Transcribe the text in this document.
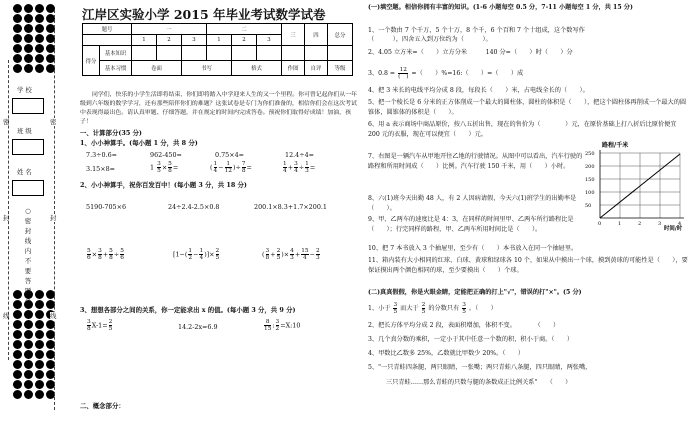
学 校
班 级
姓 名
○
密
封
线
内
不
要
答
题
○
密
封
线
密
封
线
江岸区实验小学 2015 年毕业考试数学试卷
题号		一			二			三	四	总分
		1	2	3	1	2	3			
得分	基本知识									
	基本习惯	卷面		书写		格式		作图	自评	等级
同学们，快乐的小学生活即将结束，你们即将踏入中学迎来人生的又一个里程。你可曾记起你们从一年级到六年级的数学学习，还有那些陪伴你们的难题？这张试卷是专门为你们准备的，相信你们会在这次考试中表现得最出色。请认真审题、仔细答题，并在规定的时间内完成答卷。预祝你们取得好成绩！加油，孩子！
一、计算部分(35 分)
1、小小神算手。(每小题 1 分，共 8 分)
7.3÷0.6=	962-450=	0.75×4=	12.4÷4=
3.15×8=	$1 \frac{3}{5} \times \frac{5}{8}$ =	( $\frac{1}{4} - \frac{1}{12}$ )÷ $\frac{7}{8}$ =	$\frac{1}{4} + \frac{3}{4} \div \frac{1}{3}$ =
2、小小神算手，祝你百发百中！(每小题 3 分，共 18 分)
5190-705×6	24÷2.4-2.5×0.8	200.1×8.3+1.7×200.1
$\frac{5}{6} \times \frac{3}{8} + \frac{5}{8} \div \frac{5}{6}$	[$1-( \frac{1}{2} - \frac{1}{4}$ )]× $\frac{2}{5}$	( $\frac{3}{8} + \frac{2}{5}$ )× $\frac{4}{3} + \frac{15}{4} - \frac{2}{3}$
3、想想各部分之间的关系，你一定能求出 x 的值。(每小题 3 分，共 9 分)
$\frac{3}{8} X-1= \frac{2}{5}$	14.2-2x=6.9	$\frac{8}{15}$ : $\frac{3}{2}$ =X:10
二、概念部分：
(一)填空题。相信你拥有丰富的知识。(1-6 小题每空 0.5 分，7-11 小题每空 1 分，共 15 分)
1、一个数由 7 个千万，5 个十万，8 个千，6 个百和 7 个十组成，这个数写作
（　　　），四舍五入到万位约为（　　　）。
2、4.05 立方米=（　　）立方分米　　　140 分=（　　）时（　　）分
3、$0.8 = \frac{12}{( )}$ =（　　）%=16:（　　）=（　　）成
4、把 3 米长的电线平均分成 8 段，每段长（　　）米，占电线全长的（　　）。
5、把一个棱长是 6 分米的正方体削成一个最大的圆柱体，圆柱的体积是（　　），把这个圆柱体再削成一个最大的圆锥体，圆锥体的体积是（　　）。
6、用 a 表示商场中商品原价，按八五折出售，现在的售价为（　　　　）元，在原价基础上打八折后比原价便宜 200 元的衣服，现在可以便宜（　　）元。
7、右图是一辆汽车从甲地开往乙地的行驶情况。从图中可以看出，汽车行驶的路程和所用时间成（　　）比例。汽车行驶 150 千米，用（　　）小时。
8、六(1)班今天出勤 48 人，有 2 人因病请假，今天六(1)班学生的出勤率是（　　）。
9、甲、乙两车的速度比是 4：3，在同样的时间里甲、乙两车所行路程比是（　　）；行完同样的路程，甲、乙两车所用时间比是（　　）。
10、把 7 本书放入 3 个抽屉里，至少有（　　）本书放入在同一个抽屉里。
11、箱内装有大小相同的红球、白球、黄球和绿球各 10 个，如果从中摸出一个球，摸到黄球的可能性是（　　），要保证摸出两个颜色相同的球，至少要摸出（　　）个球。
(二)真真假假，你是火眼金睛，定能把正确的打上"√"，错误的打"×"。(5 分)
1、小于 $\frac{3}{5}$ 而大于 $\frac{2}{5}$ 的分数只有 $\frac{3}{5}$ 。（　　）
2、把长方体平均分成 2 段，表面积增加，体积不变。　　　　（　　）
3、几个真分数的乘积，一定小于其中任意一个数的积，积小于商。（　　）
4、甲数比乙数多 25%，乙数就比甲数少 20%。（　　）
5、"一只青蛙四条腿，两只眼睛，一张嘴；两只青蛙八条腿，四只眼睛，两张嘴，
三只青蛙……那么青蛙的只数与腿的条数成正比例关系"　　（　　）
250
200
150
100
50
0	1	2	3	4
路程/千米
时间/时
